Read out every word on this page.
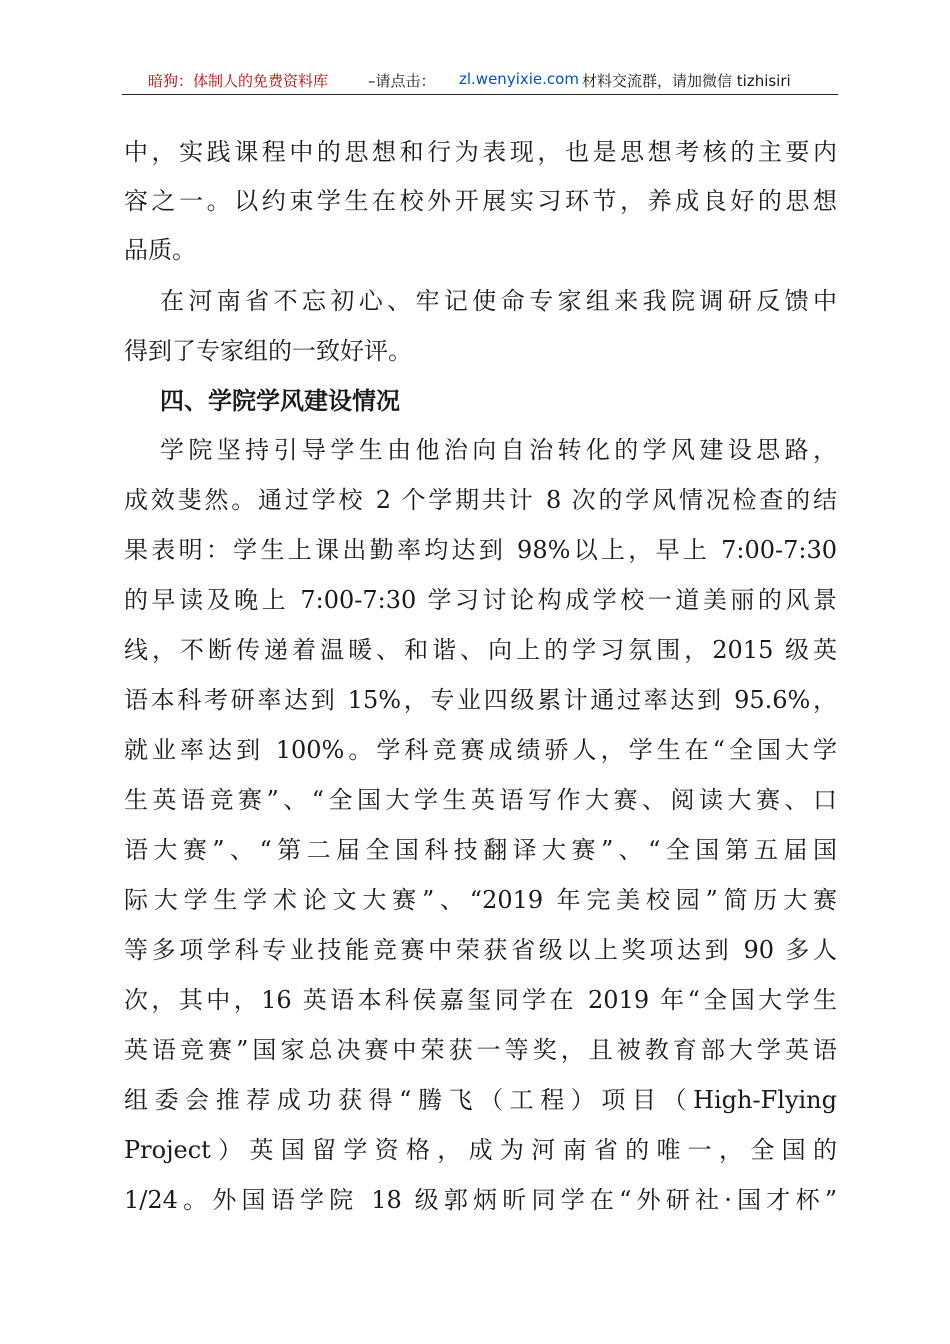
暗狗：体制人的免费资料库	–请点击： zl.wenyixie.com 材料交流群，请加微信 tizhisiri
中，实践课程中的思想和行为表现，也是思想考核的主要内
容之一。以约束学生在校外开展实习环节，养成良好的思想
品质。
在河南省不忘初心、牢记使命专家组来我院调研反馈中
得到了专家组的一致好评。
四、学院学风建设情况
学院坚持引导学生由他治向自治转化的学风建设思路，
成效斐然。通过学校 2 个学期共计 8 次的学风情况检查的结
果表明：学生上课出勤率均达到 98%以上，早上 7:00-7:30
的早读及晚上 7:00-7:30 学习讨论构成学校一道美丽的风景
线，不断传递着温暖、和谐、向上的学习氛围，2015 级英
语本科考研率达到 15%，专业四级累计通过率达到 95.6%，
就业率达到 100%。学科竞赛成绩骄人，学生在“全国大学
生英语竞赛”、“全国大学生英语写作大赛、阅读大赛、口
语大赛”、“第二届全国科技翻译大赛”、“全国第五届国
际大学生学术论文大赛”、“2019 年完美校园”简历大赛
等多项学科专业技能竞赛中荣获省级以上奖项达到 90 多人
次，其中，16 英语本科侯嘉玺同学在 2019 年“全国大学生
英语竞赛”国家总决赛中荣获一等奖，且被教育部大学英语
组委会推荐成功获得“腾飞（工程）项目（High-Flying
Project）英国留学资格，成为河南省的唯一，全国的
1/24。外国语学院 18 级郭炳昕同学在“外研社·国才杯”
